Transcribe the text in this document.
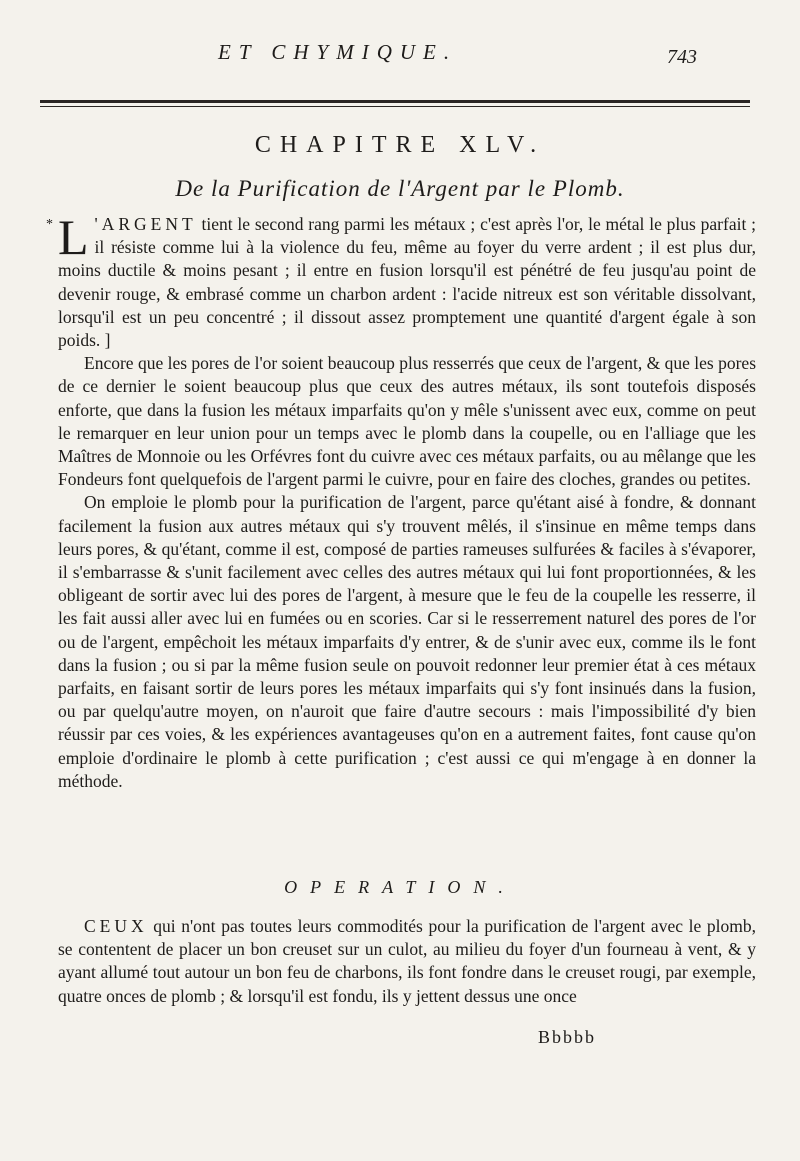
ET CHYMIQUE.	743
CHAPITRE XLV.
De la Purification de l'Argent par le Plomb.

* L 'ARGENT tient le second rang parmi les métaux ; c'est après l'or, le métal le plus parfait ; il résiste comme lui à la violence du feu, même au foyer du verre ardent ; il est plus dur, moins ductile & moins pesant ; il entre en fusion lorsqu'il est pénétré de feu jusqu'au point de devenir rouge, & embrasé comme un charbon ardent : l'acide nitreux est son véritable dissolvant, lorsqu'il est un peu concentré ; il dissout assez promptement une quantité d'argent égale à son poids. ]

Encore que les pores de l'or soient beaucoup plus resserrés que ceux de l'argent, & que les pores de ce dernier le soient beaucoup plus que ceux des autres métaux, ils sont toutefois disposés enforte, que dans la fusion les métaux imparfaits qu'on y mêle s'unissent avec eux, comme on peut le remarquer en leur union pour un temps avec le plomb dans la coupelle, ou en l'alliage que les Maîtres de Monnoie ou les Orfévres font du cuivre avec ces métaux parfaits, ou au mêlange que les Fondeurs font quelquefois de l'argent parmi le cuivre, pour en faire des cloches, grandes ou petites.

On emploie le plomb pour la purification de l'argent, parce qu'étant aisé à fondre, & donnant facilement la fusion aux autres métaux qui s'y trouvent mêlés, il s'insinue en même temps dans leurs pores, & qu'étant, comme il est, composé de parties rameuses sulfurées & faciles à s'évaporer, il s'embarrasse & s'unit facilement avec celles des autres métaux qui lui font proportionnées, & les obligeant de sortir avec lui des pores de l'argent, à mesure que le feu de la coupelle les resserre, il les fait aussi aller avec lui en fumées ou en scories. Car si le resserrement naturel des pores de l'or ou de l'argent, empêchoit les métaux imparfaits d'y entrer, & de s'unir avec eux, comme ils le font dans la fusion ; ou si par la même fusion seule on pouvoit redonner leur premier état à ces métaux parfaits, en faisant sortir de leurs pores les métaux imparfaits qui s'y font insinués dans la fusion, ou par quelqu'autre moyen, on n'auroit que faire d'autre secours : mais l'impossibilité d'y bien réussir par ces voies, & les expériences avantageuses qu'on en a autrement faites, font cause qu'on emploie d'ordinaire le plomb à cette purification ; c'est aussi ce qui m'engage à en donner la méthode.

OPERATION.

CEUX qui n'ont pas toutes leurs commodités pour la purification de l'argent avec le plomb, se contentent de placer un bon creuset sur un culot, au milieu du foyer d'un fourneau à vent, & y ayant allumé tout autour un bon feu de charbons, ils font fondre dans le creuset rougi, par exemple, quatre onces de plomb ; & lorsqu'il est fondu, ils y jettent dessus une once

Bbbbb
